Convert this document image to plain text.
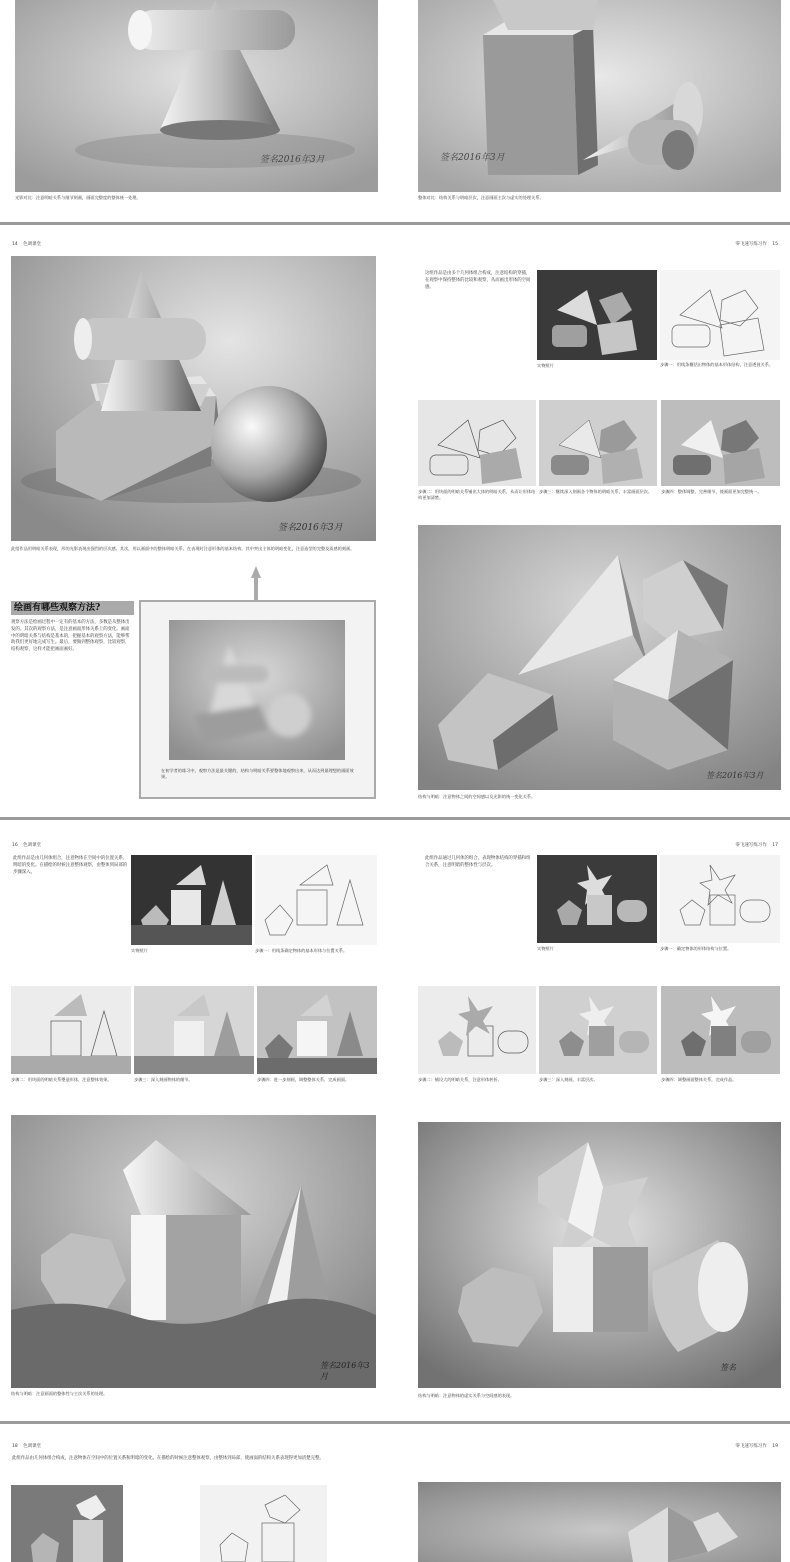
签名2016年3月
光影对比：注意明暗关系与细节刻画，画面完整度的整体统一处理。
签名2016年3月
整体对比：结构关系与明暗层次，注意画面主次与虚实的处理关系。
14 色调课堂	零飞速写练习作 15
签名2016年3月
此组作品用明暗关系表现，形的光影表现出强烈的层次感。其次，用以画面中的整体明暗关系。在表现时注意形体的基本结构，其中突出主体的明暗变化，注意造型的完整及质感的刻画。
绘画有哪些观察方法?
观察方法是绘画过程中一定有的基本的方法，多数是从整体出发的。其次的观察方法，是注意画面形体关系上的变化。画面中的明暗关系与结构是基本的，把握基本的观察方法，能够帮助我们更好地完成写生。最后，要做到整体观察，比较观察，结构观察，这样才能把画面画好。
在初学者的练习中，观察方法是最关键的，结构与明暗关系要整体地观察出来，从而达到最理想的画面效果。
这组作品是由多个几何体组合构成，注意结构的穿插，在观察中保持整体的比较和观察，从而画出形体的空间感。
实物照片	步骤一：用线条概括出物体的基本形体结构，注意透视关系。
步骤二：用块面的明暗关系铺出大体的明暗关系，从而让形体结构更加清楚。
步骤三：继续深入刻画各个物体的明暗关系，丰富画面层次。	步骤四：整体调整，完善细节，使画面更加完整统一。
签名2016年3月
结构与明暗：注意物体之间的空间感以及光影的统一变化关系。
16 色调课堂	零飞速写练习作 17
此组作品是由几何体组合，注意物体在空间中的位置关系，明暗的变化。在描绘的时候注意整体观察，由整体到局部的步骤深入。
实物照片	步骤一：用线条确定物体的基本形体与位置关系。
步骤二：用块面的明暗关系塑造形体，注意整体效果。	步骤三：深入刻画物体的细节。	步骤四：进一步刻画，调整整体关系，完成画面。
签名2016年3月
结构与明暗：注意画面的整体性与主次关系的处理。
此组作品通过几何体的组合，表现物体结构的穿插和组合关系，注意明暗的整体性与层次。
实物照片	步骤一：确定物体的形体结构与位置。
步骤二：铺设大的明暗关系，注意形体转折。	步骤三：深入刻画，丰富层次。	步骤四：调整画面整体关系，完成作品。
签名
结构与明暗：注意物体的虚实关系与空间感的表现。
18 色调课堂	零飞速写练习作 19
此组作品由几何体组合构成，注意物体在空间中的位置关系和明暗的变化。在描绘的时候注意整体观察，由整体到局部，使画面的结构关系表现得更加清楚完整。
